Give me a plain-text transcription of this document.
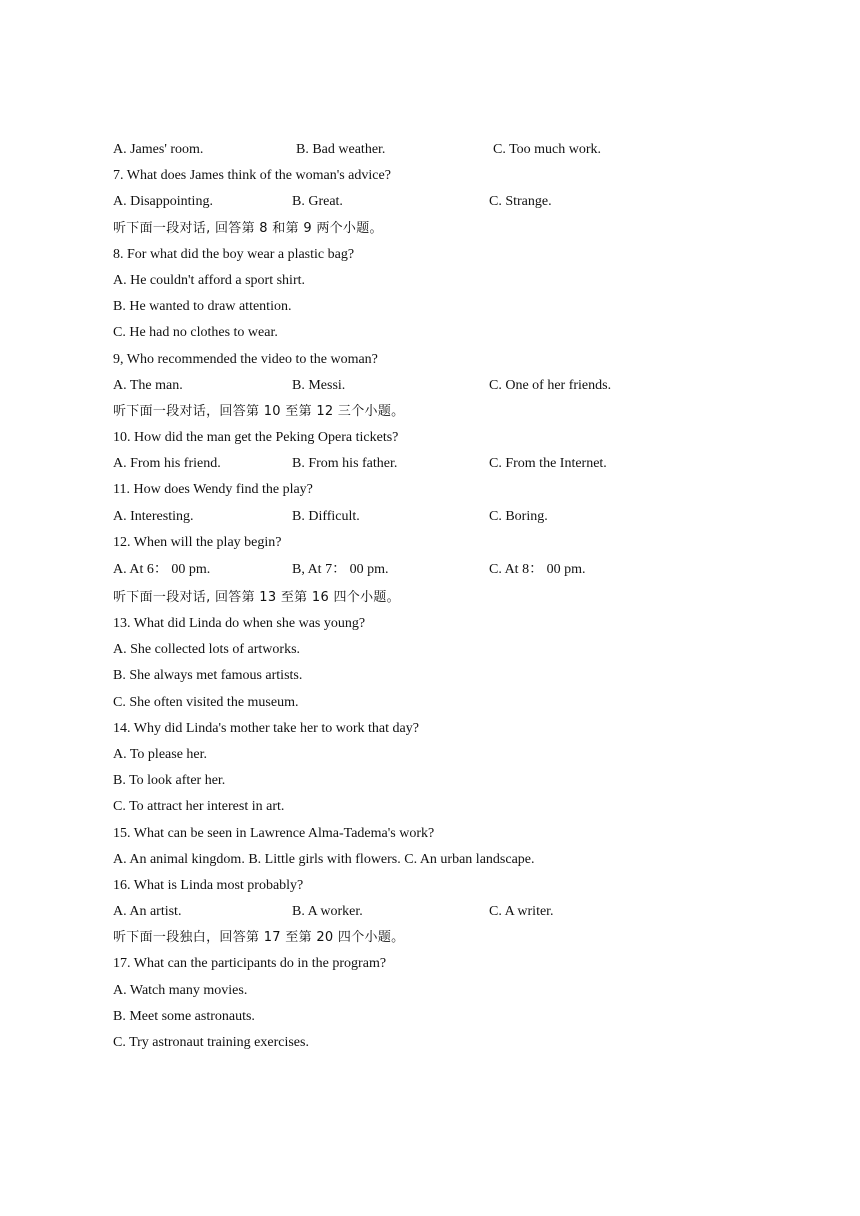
A. James' room.	B. Bad weather.	C. Too much work.
7. What does James think of the woman's advice?
A. Disappointing.	B. Great.	C. Strange.
听下面一段对话, 回答第 8 和第 9 两个小题。
8. For what did the boy wear a plastic bag?
A. He couldn't afford a sport shirt.
B. He wanted to draw attention.
C. He had no clothes to wear.
9, Who recommended the video to the woman?
A. The man.	B. Messi.	C. One of her friends.
听下面一段对话，回答第 10 至第 12 三个小题。
10. How did the man get the Peking Opera tickets?
A. From his friend.	B. From his father.	C. From the Internet.
11. How does Wendy find the play?
A. Interesting.	B. Difficult.	C. Boring.
12. When will the play begin?
A. At 6： 00 pm.	B, At 7： 00 pm.	C. At 8： 00 pm.
听下面一段对话, 回答第 13 至第 16 四个小题。
13. What did Linda do when she was young?
A. She collected lots of artworks.
B. She always met famous artists.
C. She often visited the museum.
14. Why did Linda's mother take her to work that day?
A. To please her.
B. To look after her.
C. To attract her interest in art.
15. What can be seen in Lawrence Alma-Tadema's work?
A. An animal kingdom. B. Little girls with flowers. C. An urban landscape.
16. What is Linda most probably?
A. An artist.	B. A worker.	C. A writer.
听下面一段独白，回答第 17 至第 20 四个小题。
17. What can the participants do in the program?
A. Watch many movies.
B. Meet some astronauts.
C. Try astronaut training exercises.
